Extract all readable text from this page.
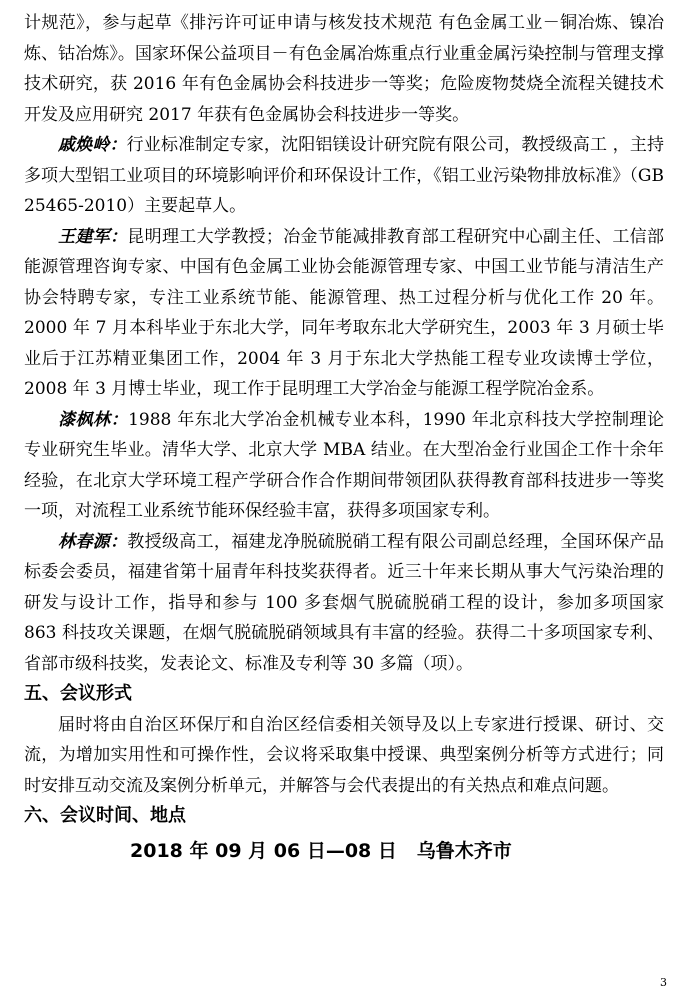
计规范》，参与起草《排污许可证申请与核发技术规范 有色金属工业－铜冶炼、镍冶炼、钴冶炼》。国家环保公益项目－有色金属冶炼重点行业重金属污染控制与管理支撑技术研究，获 2016 年有色金属协会科技进步一等奖；危险废物焚烧全流程关键技术开发及应用研究 2017 年获有色金属协会科技进步一等奖。

戚焕岭：行业标准制定专家，沈阳铝镁设计研究院有限公司，教授级高工 ，主持多项大型铝工业项目的环境影响评价和环保设计工作，《铝工业污染物排放标准》（GB 25465-2010）主要起草人。

王建军：昆明理工大学教授；冶金节能减排教育部工程研究中心副主任、工信部能源管理咨询专家、中国有色金属工业协会能源管理专家、中国工业节能与清洁生产协会特聘专家，专注工业系统节能、能源管理、热工过程分析与优化工作 20 年。2000 年 7 月本科毕业于东北大学，同年考取东北大学研究生，2003 年 3 月硕士毕业后于江苏精亚集团工作，2004 年 3 月于东北大学热能工程专业攻读博士学位，2008 年 3 月博士毕业，现工作于昆明理工大学冶金与能源工程学院冶金系。

漆枫林：1988 年东北大学冶金机械专业本科，1990 年北京科技大学控制理论专业研究生毕业。清华大学、北京大学 MBA 结业。在大型冶金行业国企工作十余年经验，在北京大学环境工程产学研合作合作期间带领团队获得教育部科技进步一等奖一项，对流程工业系统节能环保经验丰富，获得多项国家专利。

林春源：教授级高工，福建龙净脱硫脱硝工程有限公司副总经理，全国环保产品标委会委员，福建省第十届青年科技奖获得者。近三十年来长期从事大气污染治理的研发与设计工作，指导和参与 100 多套烟气脱硫脱硝工程的设计，参加多项国家 863 科技攻关课题，在烟气脱硫脱硝领域具有丰富的经验。获得二十多项国家专利、省部市级科技奖，发表论文、标准及专利等 30 多篇（项）。

五、会议形式

届时将由自治区环保厅和自治区经信委相关领导及以上专家进行授课、研讨、交流，为增加实用性和可操作性，会议将采取集中授课、典型案例分析等方式进行；同时安排互动交流及案例分析单元，并解答与会代表提出的有关热点和难点问题。

六、会议时间、地点

2018 年 09 月 06 日—08 日   乌鲁木齐市

3
